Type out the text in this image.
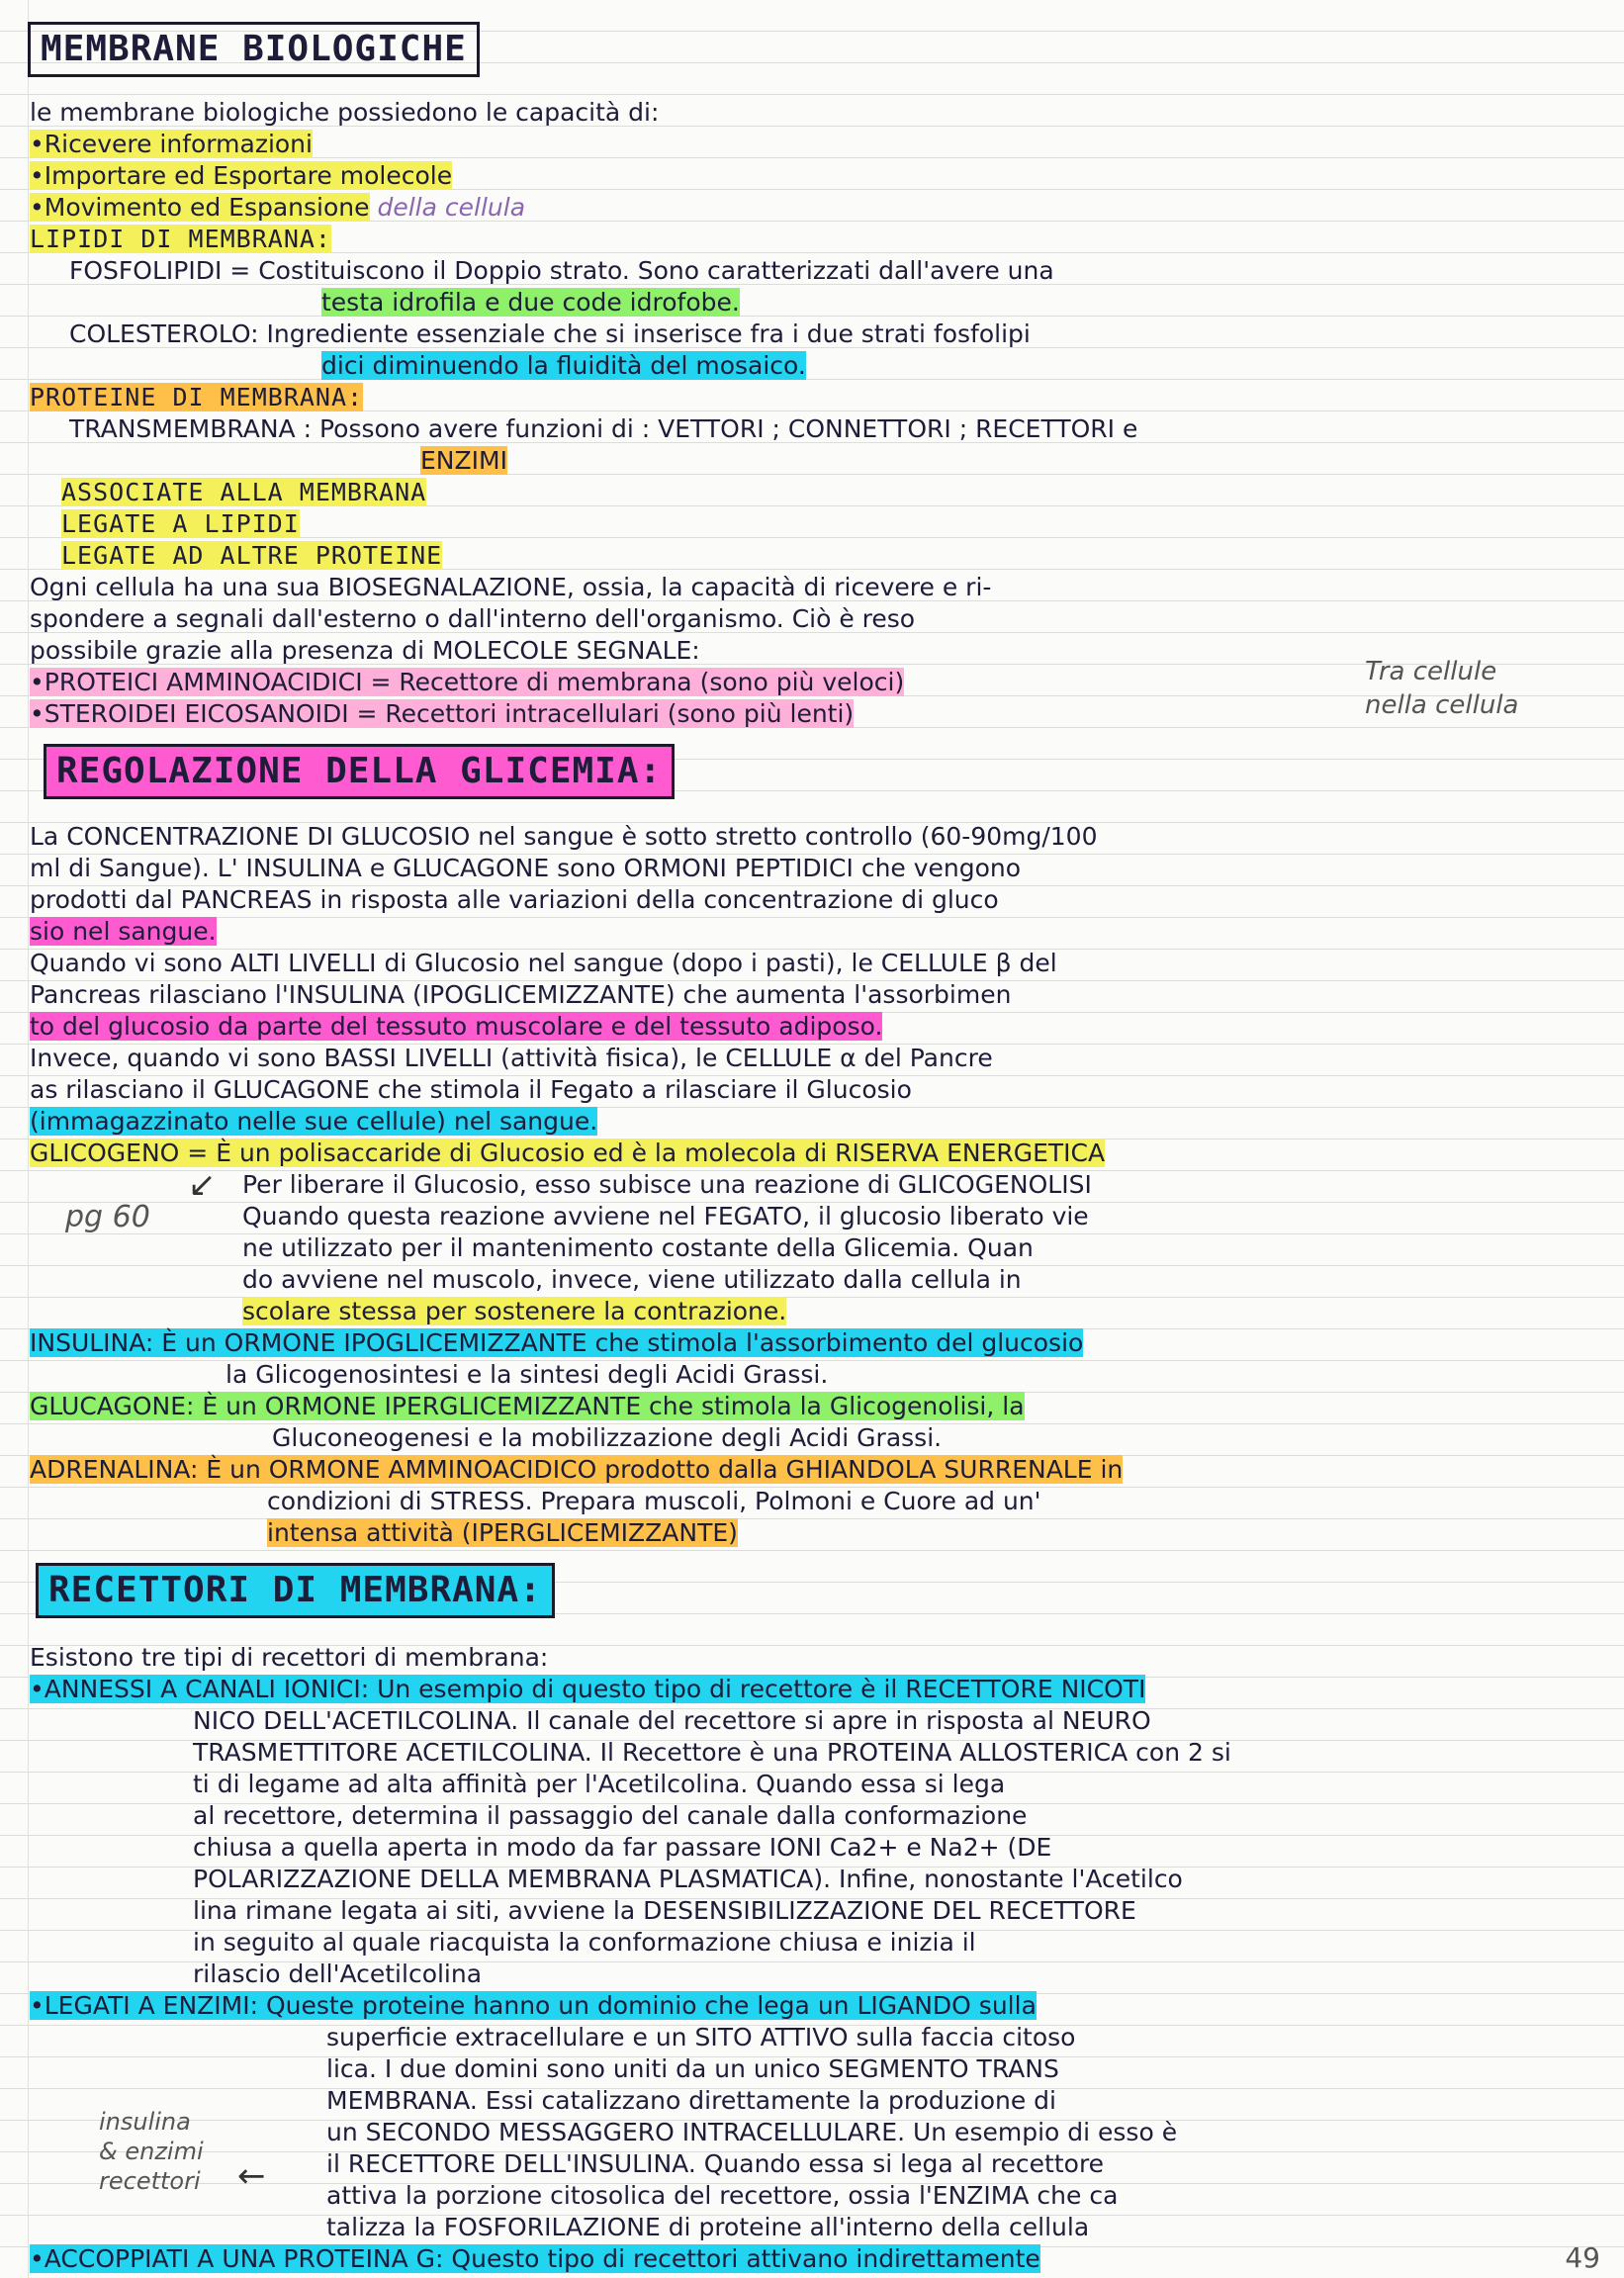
MEMBRANE BIOLOGICHE
le membrane biologiche possiedono le capacità di:
•Ricevere informazioni
•Importare ed Esportare molecole
•Movimento ed Espansione della cellula
LIPIDI DI MEMBRANA:
FOSFOLIPIDI = Costituiscono il Doppio strato. Sono caratterizzati dall'avere una
testa idrofila e due code idrofobe.
COLESTEROLO: Ingrediente essenziale che si inserisce fra i due strati fosfolipi
dici diminuendo la fluidità del mosaico.
PROTEINE DI MEMBRANA:
TRANSMEMBRANA : Possono avere funzioni di : VETTORI ; CONNETTORI ; RECETTORI e
ENZIMI
ASSOCIATE ALLA MEMBRANA
LEGATE A LIPIDI
LEGATE AD ALTRE PROTEINE
Ogni cellula ha una sua BIOSEGNALAZIONE, ossia, la capacità di ricevere e ri-
spondere a segnali dall'esterno o dall'interno dell'organismo. Ciò è reso
possibile grazie alla presenza di MOLECOLE SEGNALE:
•PROTEICI AMMINOACIDICI = Recettore di membrana (sono più veloci)
•STEROIDEI EICOSANOIDI = Recettori intracellulari (sono più lenti)
Tra cellule
nella cellula
REGOLAZIONE DELLA GLICEMIA:
La CONCENTRAZIONE DI GLUCOSIO nel sangue è sotto stretto controllo (60-90mg/100
ml di Sangue). L' INSULINA e GLUCAGONE sono ORMONI PEPTIDICI che vengono
prodotti dal PANCREAS in risposta alle variazioni della concentrazione di gluco
sio nel sangue.
Quando vi sono ALTI LIVELLI di Glucosio nel sangue (dopo i pasti), le CELLULE β del
Pancreas rilasciano l'INSULINA (IPOGLICEMIZZANTE) che aumenta l'assorbimen
to del glucosio da parte del tessuto muscolare e del tessuto adiposo.
Invece, quando vi sono BASSI LIVELLI (attività fisica), le CELLULE α del Pancre
as rilasciano il GLUCAGONE che stimola il Fegato a rilasciare il Glucosio
(immagazzinato nelle sue cellule) nel sangue.
GLICOGENO = È un polisaccaride di Glucosio ed è la molecola di RISERVA ENERGETICA
Per liberare il Glucosio, esso subisce una reazione di GLICOGENOLISI
Quando questa reazione avviene nel FEGATO, il glucosio liberato vie
ne utilizzato per il mantenimento costante della Glicemia. Quan
do avviene nel muscolo, invece, viene utilizzato dalla cellula in
scolare stessa per sostenere la contrazione.
pg 60
↙
INSULINA: È un ORMONE IPOGLICEMIZZANTE che stimola l'assorbimento del glucosio
la Glicogenosintesi e la sintesi degli Acidi Grassi.
GLUCAGONE: È un ORMONE IPERGLICEMIZZANTE che stimola la Glicogenolisi, la
Gluconeogenesi e la mobilizzazione degli Acidi Grassi.
ADRENALINA: È un ORMONE AMMINOACIDICO prodotto dalla GHIANDOLA SURRENALE in
condizioni di STRESS. Prepara muscoli, Polmoni e Cuore ad un'
intensa attività (IPERGLICEMIZZANTE)
RECETTORI DI MEMBRANA:
Esistono tre tipi di recettori di membrana:
•ANNESSI A CANALI IONICI: Un esempio di questo tipo di recettore è il RECETTORE NICOTI
NICO DELL'ACETILCOLINA. Il canale del recettore si apre in risposta al NEURO
TRASMETTITORE ACETILCOLINA. Il Recettore è una PROTEINA ALLOSTERICA con 2 si
ti di legame ad alta affinità per l'Acetilcolina. Quando essa si lega
al recettore, determina il passaggio del canale dalla conformazione
chiusa a quella aperta in modo da far passare IONI Ca2+ e Na2+ (DE
POLARIZZAZIONE DELLA MEMBRANA PLASMATICA). Infine, nonostante l'Acetilco
lina rimane legata ai siti, avviene la DESENSIBILIZZAZIONE DEL RECETTORE
in seguito al quale riacquista la conformazione chiusa e inizia il
rilascio dell'Acetilcolina
•LEGATI A ENZIMI: Queste proteine hanno un dominio che lega un LIGANDO sulla
superficie extracellulare e un SITO ATTIVO sulla faccia citoso
lica. I due domini sono uniti da un unico SEGMENTO TRANS
MEMBRANA. Essi catalizzano direttamente la produzione di
un SECONDO MESSAGGERO INTRACELLULARE. Un esempio di esso è
il RECETTORE DELL'INSULINA. Quando essa si lega al recettore
attiva la porzione citosolica del recettore, ossia l'ENZIMA che ca
talizza la FOSFORILAZIONE di proteine all'interno della cellula
•ACCOPPIATI A UNA PROTEINA G: Questo tipo di recettori attivano indirettamente
insulina
& enzimi
recettori ←
49
